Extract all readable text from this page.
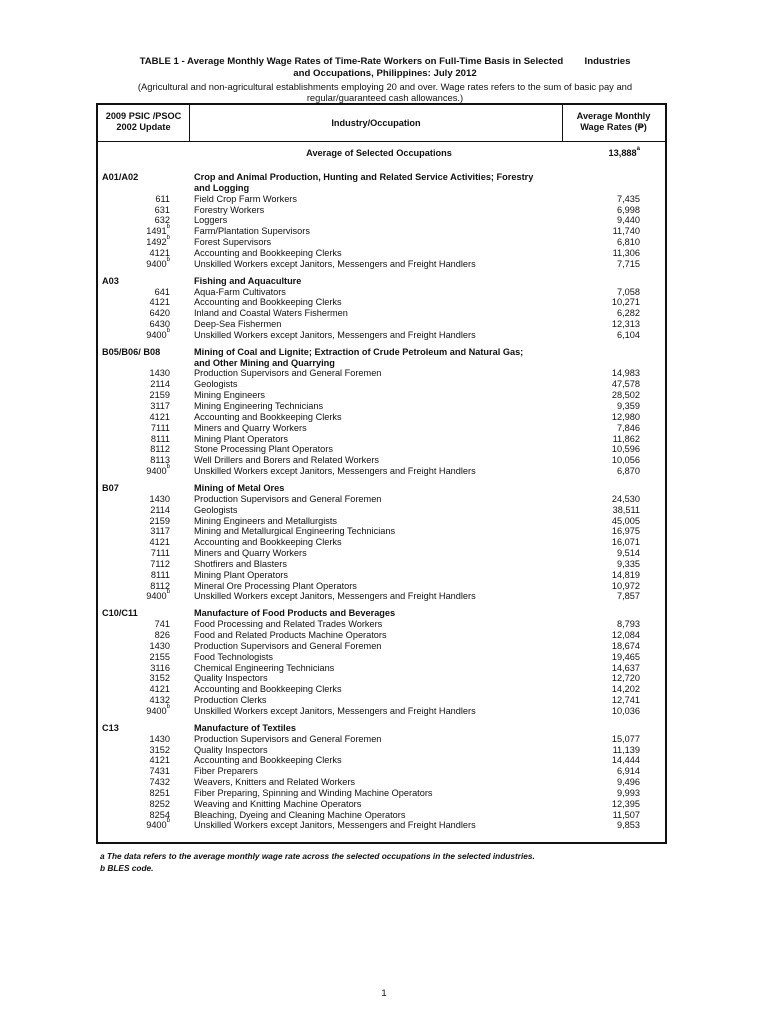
TABLE 1 - Average Monthly Wage Rates of Time-Rate Workers on Full-Time Basis in Selected        Industries
and Occupations, Philippines: July 2012
(Agricultural and non-agricultural establishments employing 20 and over. Wage rates refers to the sum of basic pay and
regular/guaranteed cash allowances.)
2009 PSIC /PSOC
2002 Update	Industry/Occupation
Average Monthly
Wage Rates (₱)
Average of Selected Occupations	13,888$^a$
A01/A02	Crop and Animal Production, Hunting and Related Service Activities; Forestry
and Logging
611	Field Crop Farm Workers	7,435
631	Forestry Workers	6,998
632	Loggers	9,440
1491$^b$	Farm/Plantation Supervisors	11,740
1492$^b$	Forest Supervisors	6,810
4121	Accounting and Bookkeeping Clerks	11,306
9400$^b$	Unskilled Workers except Janitors, Messengers and Freight Handlers	7,715
A03	Fishing and Aquaculture
641	Aqua-Farm Cultivators	7,058
4121	Accounting and Bookkeeping Clerks	10,271
6420	Inland and Coastal Waters Fishermen	6,282
6430	Deep-Sea Fishermen	12,313
9400$^b$	Unskilled Workers except Janitors, Messengers and Freight Handlers	6,104
B05/B06/ B08	Mining of Coal and Lignite; Extraction of Crude Petroleum and Natural Gas;
and Other Mining and Quarrying
1430	Production Supervisors and General Foremen	14,983
2114	Geologists	47,578
2159	Mining Engineers	28,502
3117	Mining Engineering Technicians	9,359
4121	Accounting and Bookkeeping Clerks	12,980
7111	Miners and Quarry Workers	7,846
8111	Mining Plant Operators	11,862
8112	Stone Processing Plant Operators	10,596
8113	Well Drillers and Borers and Related Workers	10,056
9400$^b$	Unskilled Workers except Janitors, Messengers and Freight Handlers	6,870
B07	Mining of Metal Ores
1430	Production Supervisors and General Foremen	24,530
2114	Geologists	38,511
2159	Mining Engineers and Metallurgists	45,005
3117	Mining and Metallurgical Engineering Technicians	16,975
4121	Accounting and Bookkeeping Clerks	16,071
7111	Miners and Quarry Workers	9,514
7112	Shotfirers and Blasters	9,335
8111	Mining Plant Operators	14,819
8112	Mineral Ore Processing Plant Operators	10,972
9400$^b$	Unskilled Workers except Janitors, Messengers and Freight Handlers	7,857
C10/C11	Manufacture of Food Products and Beverages
741	Food Processing and Related Trades Workers	8,793
826	Food and Related Products Machine Operators	12,084
1430	Production Supervisors and General Foremen	18,674
2155	Food Technologists	19,465
3116	Chemical Engineering Technicians	14,637
3152	Quality Inspectors	12,720
4121	Accounting and Bookkeeping Clerks	14,202
4132	Production Clerks	12,741
9400$^b$	Unskilled Workers except Janitors, Messengers and Freight Handlers	10,036
C13	Manufacture of Textiles
1430	Production Supervisors and General Foremen	15,077
3152	Quality Inspectors	11,139
4121	Accounting and Bookkeeping Clerks	14,444
7431	Fiber Preparers	6,914
7432	Weavers, Knitters and Related Workers	9,496
8251	Fiber Preparing, Spinning and Winding Machine Operators	9,993
8252	Weaving and Knitting Machine Operators	12,395
8254	Bleaching, Dyeing and Cleaning Machine Operators	11,507
9400$^b$	Unskilled Workers except Janitors, Messengers and Freight Handlers	9,853
a The data refers to the average monthly wage rate across the selected occupations in the selected industries.
b BLES code.
1
